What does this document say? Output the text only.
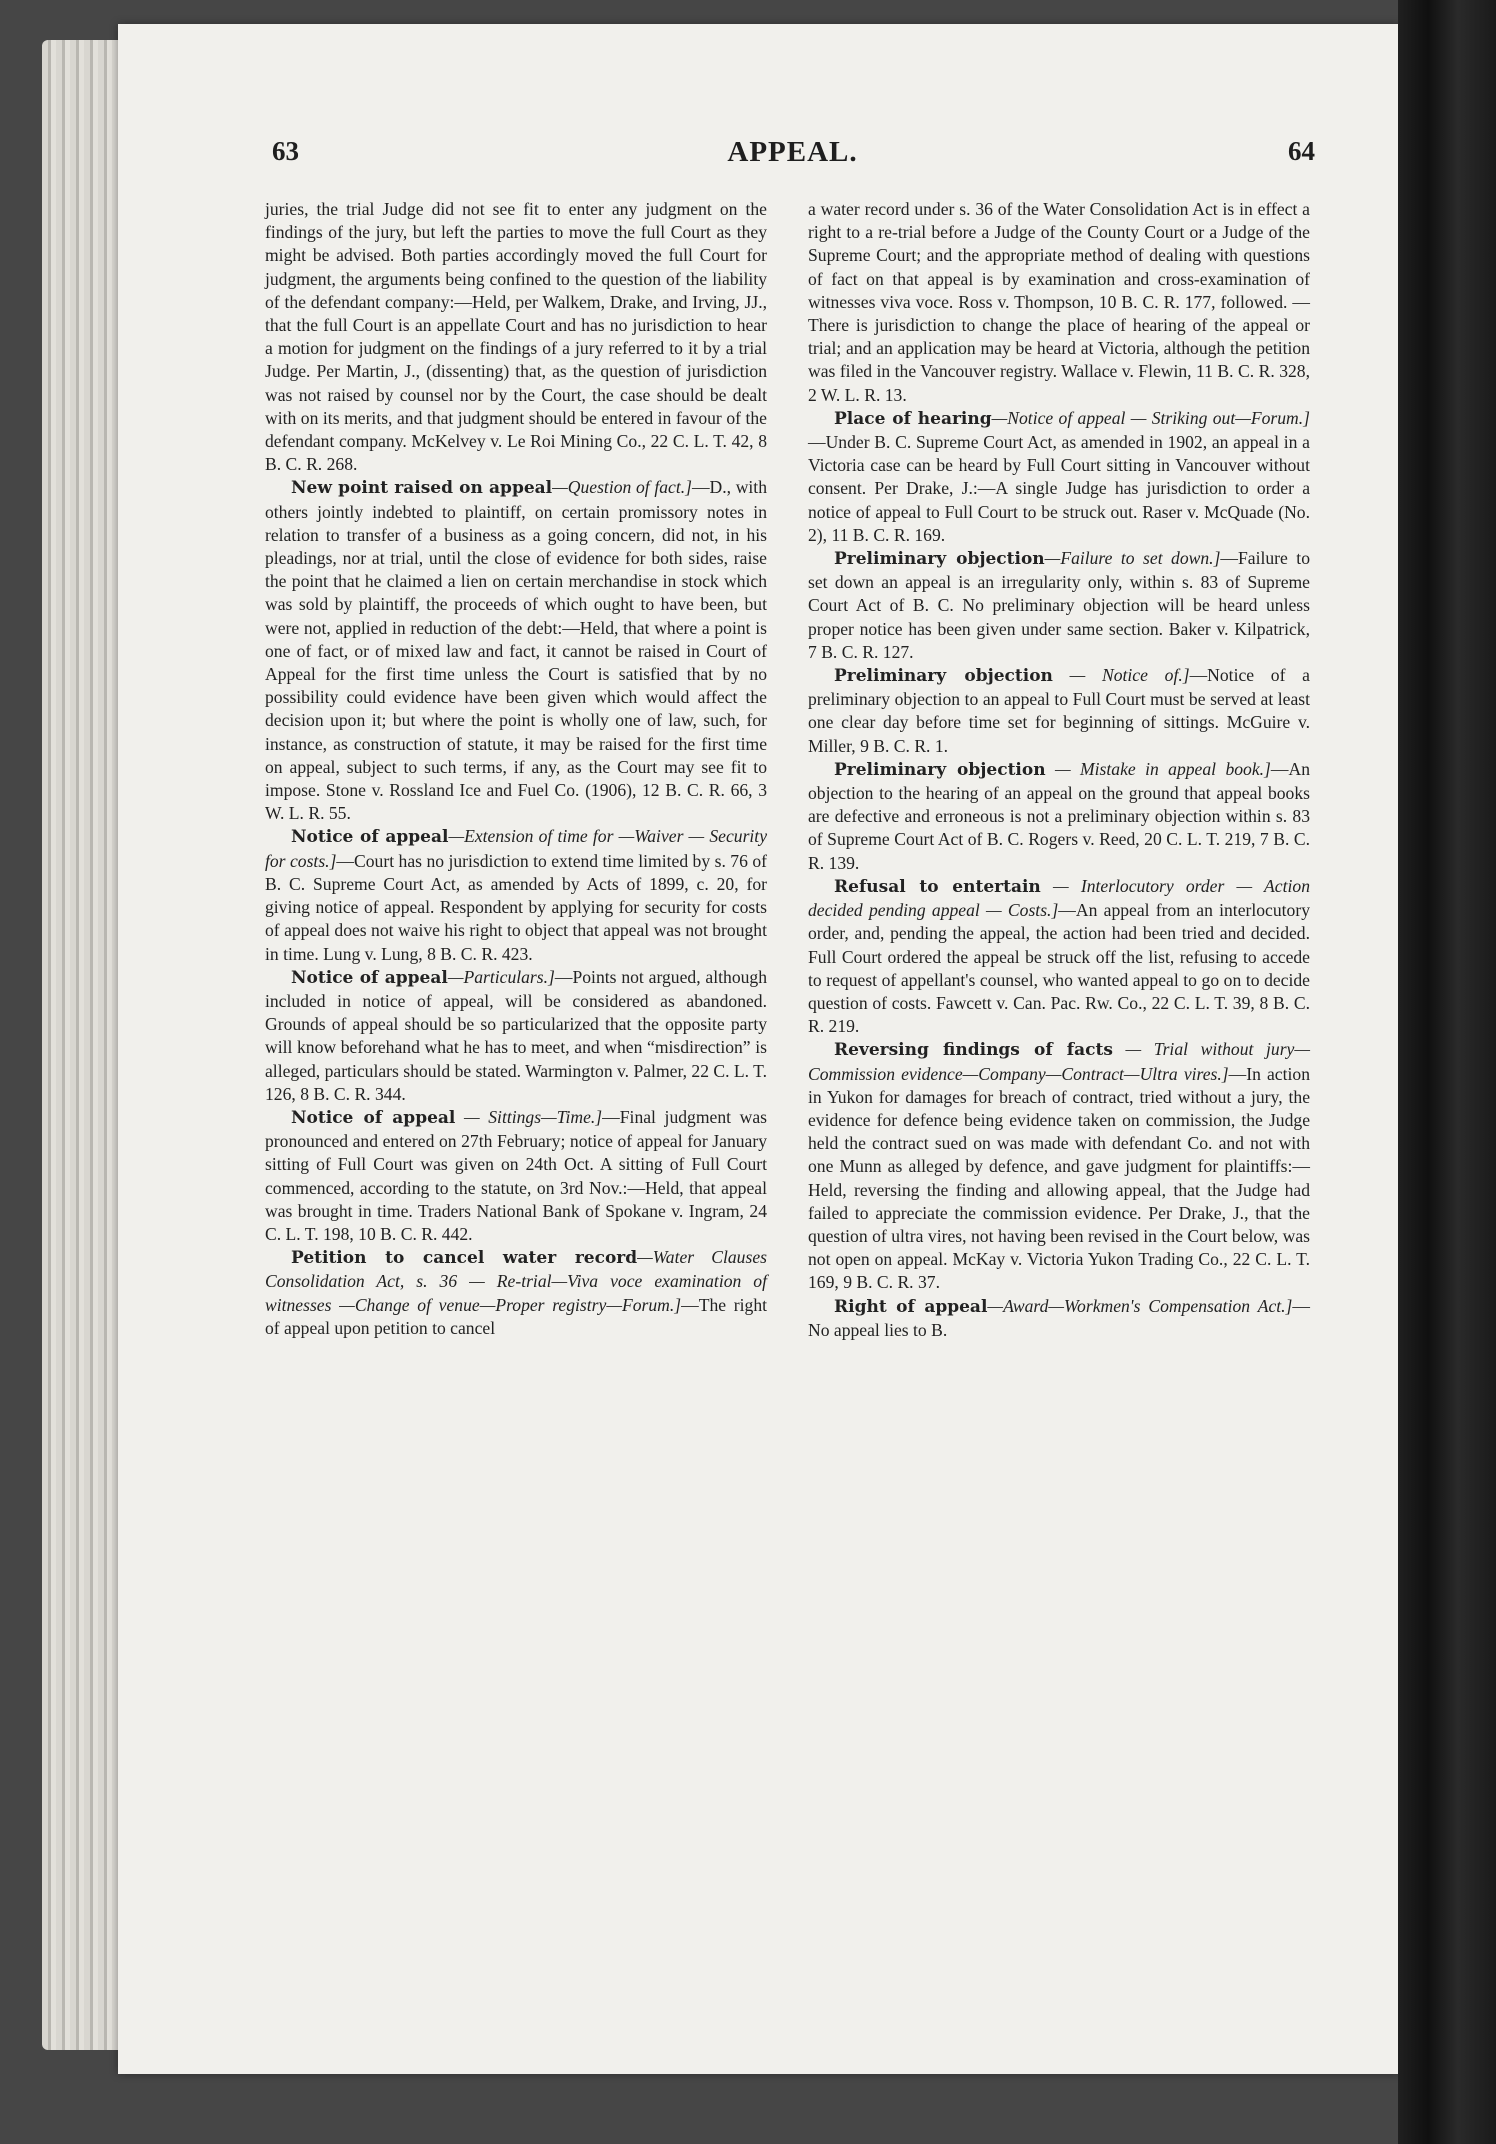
63	APPEAL.	64

juries, the trial Judge did not see fit to enter any judgment on the findings of the jury, but left the parties to move the full Court as they might be advised. Both parties accordingly moved the full Court for judgment, the arguments being confined to the question of the liability of the defendant company:—Held, per Walkem, Drake, and Irving, JJ., that the full Court is an appellate Court and has no jurisdiction to hear a motion for judgment on the findings of a jury referred to it by a trial Judge. Per Martin, J., (dissenting) that, as the question of jurisdiction was not raised by counsel nor by the Court, the case should be dealt with on its merits, and that judgment should be entered in favour of the defendant company. McKelvey v. Le Roi Mining Co., 22 C. L. T. 42, 8 B. C. R. 268.

New point raised on appeal—Question of fact.]—D., with others jointly indebted to plaintiff, on certain promissory notes in relation to transfer of a business as a going concern, did not, in his pleadings, nor at trial, until the close of evidence for both sides, raise the point that he claimed a lien on certain merchandise in stock which was sold by plaintiff, the proceeds of which ought to have been, but were not, applied in reduction of the debt:—Held, that where a point is one of fact, or of mixed law and fact, it cannot be raised in Court of Appeal for the first time unless the Court is satisfied that by no possibility could evidence have been given which would affect the decision upon it; but where the point is wholly one of law, such, for instance, as construction of statute, it may be raised for the first time on appeal, subject to such terms, if any, as the Court may see fit to impose. Stone v. Rossland Ice and Fuel Co. (1906), 12 B. C. R. 66, 3 W. L. R. 55.

Notice of appeal—Extension of time for —Waiver — Security for costs.]—Court has no jurisdiction to extend time limited by s. 76 of B. C. Supreme Court Act, as amended by Acts of 1899, c. 20, for giving notice of appeal. Respondent by applying for security for costs of appeal does not waive his right to object that appeal was not brought in time. Lung v. Lung, 8 B. C. R. 423.

Notice of appeal—Particulars.]—Points not argued, although included in notice of appeal, will be considered as abandoned. Grounds of appeal should be so particularized that the opposite party will know beforehand what he has to meet, and when “misdirection” is alleged, particulars should be stated. Warmington v. Palmer, 22 C. L. T. 126, 8 B. C. R. 344.

Notice of appeal — Sittings—Time.]—Final judgment was pronounced and entered on 27th February; notice of appeal for January sitting of Full Court was given on 24th Oct. A sitting of Full Court commenced, according to the statute, on 3rd Nov.:—Held, that appeal was brought in time. Traders National Bank of Spokane v. Ingram, 24 C. L. T. 198, 10 B. C. R. 442.

Petition to cancel water record—Water Clauses Consolidation Act, s. 36 — Re-trial—Viva voce examination of witnesses —Change of venue—Proper registry—Forum.]—The right of appeal upon petition to cancel

a water record under s. 36 of the Water Consolidation Act is in effect a right to a re-trial before a Judge of the County Court or a Judge of the Supreme Court; and the appropriate method of dealing with questions of fact on that appeal is by examination and cross-examination of witnesses viva voce. Ross v. Thompson, 10 B. C. R. 177, followed. —There is jurisdiction to change the place of hearing of the appeal or trial; and an application may be heard at Victoria, although the petition was filed in the Vancouver registry. Wallace v. Flewin, 11 B. C. R. 328, 2 W. L. R. 13.

Place of hearing—Notice of appeal — Striking out—Forum.]—Under B. C. Supreme Court Act, as amended in 1902, an appeal in a Victoria case can be heard by Full Court sitting in Vancouver without consent. Per Drake, J.:—A single Judge has jurisdiction to order a notice of appeal to Full Court to be struck out. Raser v. McQuade (No. 2), 11 B. C. R. 169.

Preliminary objection—Failure to set down.]—Failure to set down an appeal is an irregularity only, within s. 83 of Supreme Court Act of B. C. No preliminary objection will be heard unless proper notice has been given under same section. Baker v. Kilpatrick, 7 B. C. R. 127.

Preliminary objection — Notice of.]—Notice of a preliminary objection to an appeal to Full Court must be served at least one clear day before time set for beginning of sittings. McGuire v. Miller, 9 B. C. R. 1.

Preliminary objection — Mistake in appeal book.]—An objection to the hearing of an appeal on the ground that appeal books are defective and erroneous is not a preliminary objection within s. 83 of Supreme Court Act of B. C. Rogers v. Reed, 20 C. L. T. 219, 7 B. C. R. 139.

Refusal to entertain — Interlocutory order — Action decided pending appeal — Costs.]—An appeal from an interlocutory order, and, pending the appeal, the action had been tried and decided. Full Court ordered the appeal be struck off the list, refusing to accede to request of appellant's counsel, who wanted appeal to go on to decide question of costs. Fawcett v. Can. Pac. Rw. Co., 22 C. L. T. 39, 8 B. C. R. 219.

Reversing findings of facts — Trial without jury—Commission evidence—Company—Contract—Ultra vires.]—In action in Yukon for damages for breach of contract, tried without a jury, the evidence for defence being evidence taken on commission, the Judge held the contract sued on was made with defendant Co. and not with one Munn as alleged by defence, and gave judgment for plaintiffs:—Held, reversing the finding and allowing appeal, that the Judge had failed to appreciate the commission evidence. Per Drake, J., that the question of ultra vires, not having been revised in the Court below, was not open on appeal. McKay v. Victoria Yukon Trading Co., 22 C. L. T. 169, 9 B. C. R. 37.

Right of appeal—Award—Workmen's Compensation Act.]—No appeal lies to B.
